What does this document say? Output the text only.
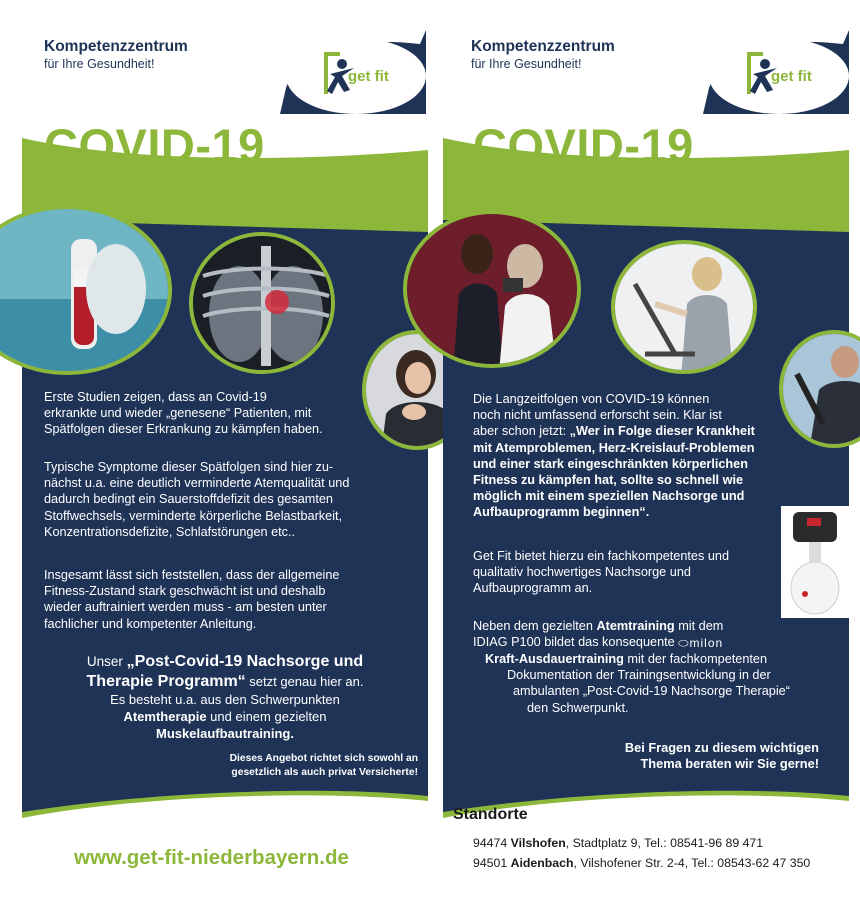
Kompetenzzentrum

für Ihre Gesundheit!

get fit

COVID-19

Get Fit Nachsorge-Programm

Erste Studien zeigen, dass an Covid-19

erkrankte und wieder „genesene“ Patienten, mit

Spätfolgen dieser Erkrankung zu kämpfen haben.

Typische Symptome dieser Spätfolgen sind hier zu-

nächst u.a. eine deutlich verminderte Atemqualität und

dadurch bedingt ein Sauerstoffdefizit des gesamten

Stoffwechsels, verminderte körperliche Belastbarkeit,

Konzentrationsdefizite, Schlafstörungen etc..

Insgesamt lässt sich feststellen, dass der allgemeine

Fitness-Zustand stark geschwächt ist und deshalb

wieder auftrainiert werden muss - am besten unter

fachlicher und kompetenter Anleitung.

Unser „Post-Covid-19 Nachsorge und

Therapie Programm“ setzt genau hier an.

Es besteht u.a. aus den Schwerpunkten

Atemtherapie und einem gezielten

Muskelaufbautraining.

Dieses Angebot richtet sich sowohl an

gesetzlich als auch privat Versicherte!

www.get-fit-niederbayern.de

Kompetenzzentrum

für Ihre Gesundheit!

get fit

COVID-19

Get Fit Nachsorge-Programm

Die Langzeitfolgen von COVID-19 können

noch nicht umfassend erforscht sein. Klar ist

aber schon jetzt: „Wer in Folge dieser Krankheit

mit Atemproblemen, Herz-Kreislauf-Problemen

und einer stark eingeschränkten körperlichen

Fitness zu kämpfen hat, sollte so schnell wie

möglich mit einem speziellen Nachsorge und

Aufbauprogramm beginnen“.

Get Fit bietet hierzu ein fachkompetentes und

qualitativ hochwertiges Nachsorge und

Aufbauprogramm an.

Neben dem gezielten Atemtraining mit dem

IDIAG P100 bildet das konsequente ⬭milon

Kraft-Ausdauertraining mit der fachkompetenten

Dokumentation der Trainingsentwicklung in der

ambulanten „Post-Covid-19 Nachsorge Therapie“

den Schwerpunkt.

Bei Fragen zu diesem wichtigen

Thema beraten wir Sie gerne!

Standorte

94474 Vilshofen, Stadtplatz 9, Tel.: 08541-96 89 471

94501 Aidenbach, Vilshofener Str. 2-4, Tel.: 08543-62 47 350
